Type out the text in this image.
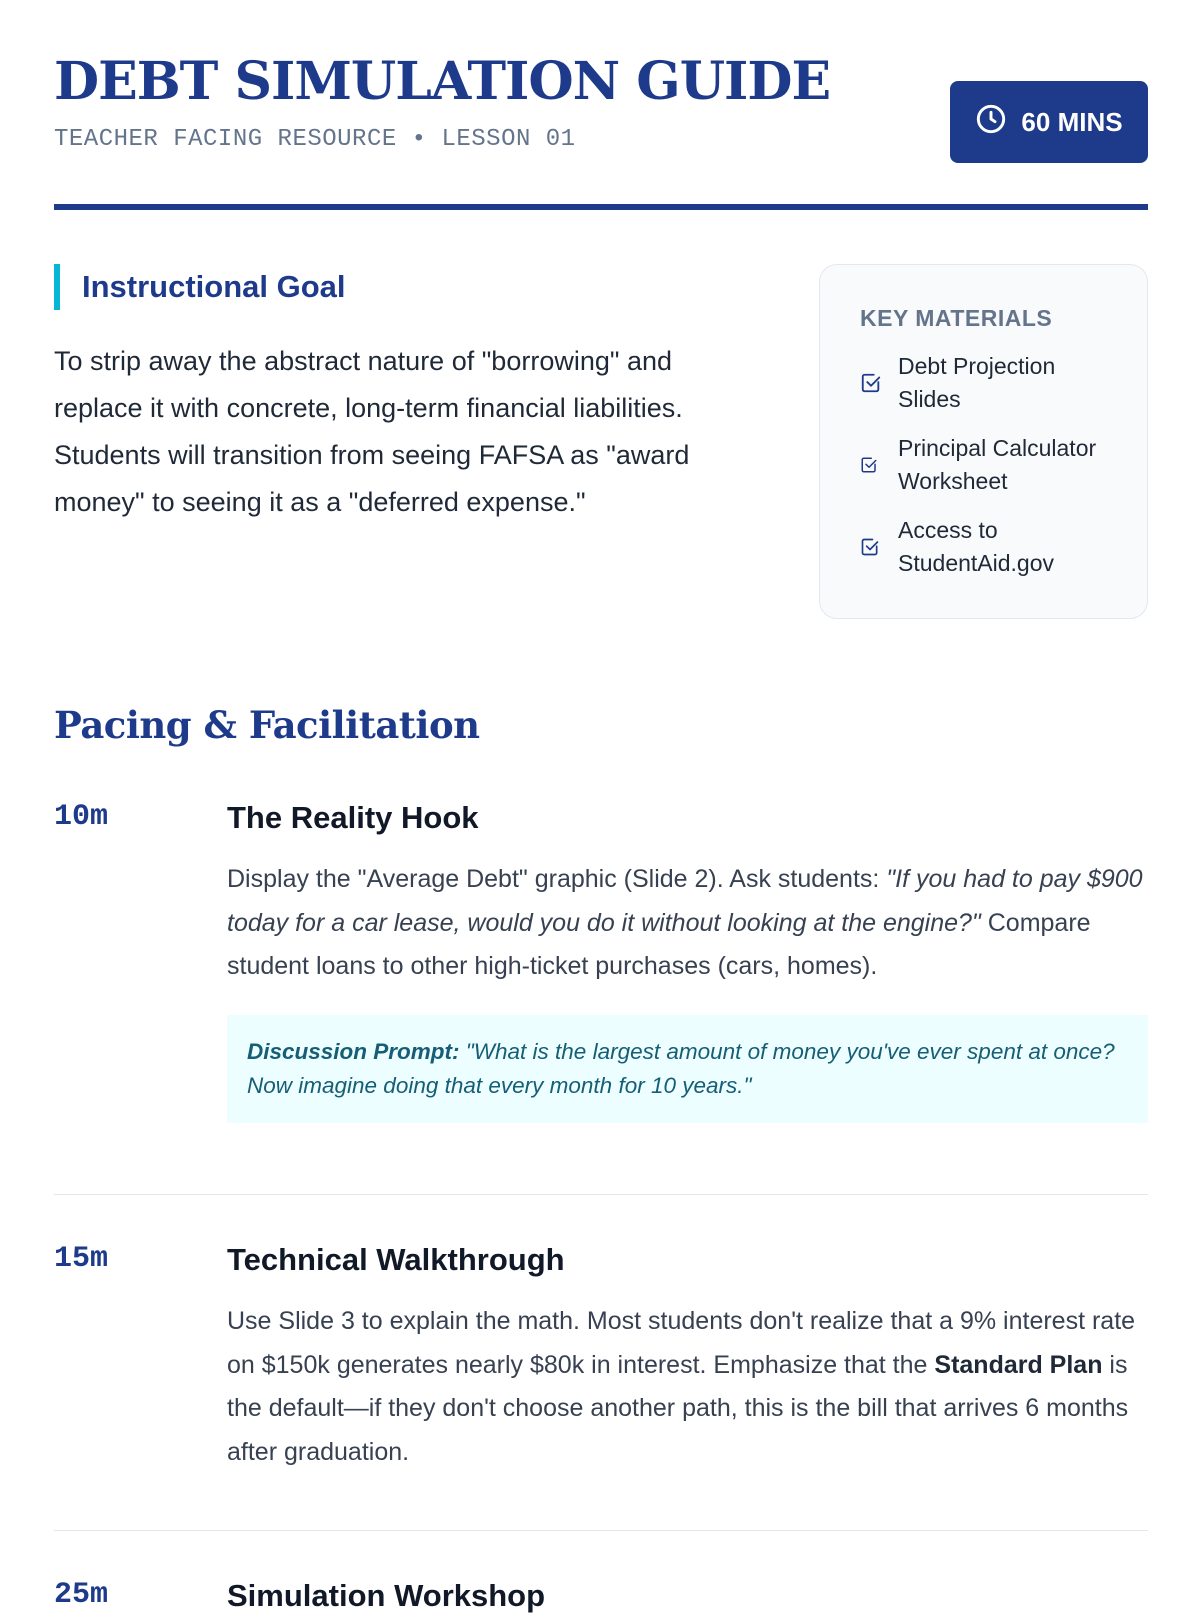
DEBT SIMULATION GUIDE
TEACHER FACING RESOURCE • LESSON 01
60 MINS
Instructional Goal

To strip away the abstract nature of "borrowing" and replace it with concrete, long-term financial liabilities. Students will transition from seeing FAFSA as "award money" to seeing it as a "deferred expense."

KEY MATERIALS
Debt Projection Slides
Principal Calculator Worksheet
Access to StudentAid.gov
Pacing & Facilitation
10m	The Reality Hook

Display the "Average Debt" graphic (Slide 2). Ask students: "If you had to pay $900 today for a car lease, would you do it without looking at the engine?" Compare student loans to other high-ticket purchases (cars, homes).

Discussion Prompt: "What is the largest amount of money you've ever spent at once? Now imagine doing that every month for 10 years."
15m	Technical Walkthrough

Use Slide 3 to explain the math. Most students don't realize that a 9% interest rate on $150k generates nearly $80k in interest. Emphasize that the Standard Plan is the default—if they don't choose another path, this is the bill that arrives 6 months after graduation.

25m	Simulation Workshop
